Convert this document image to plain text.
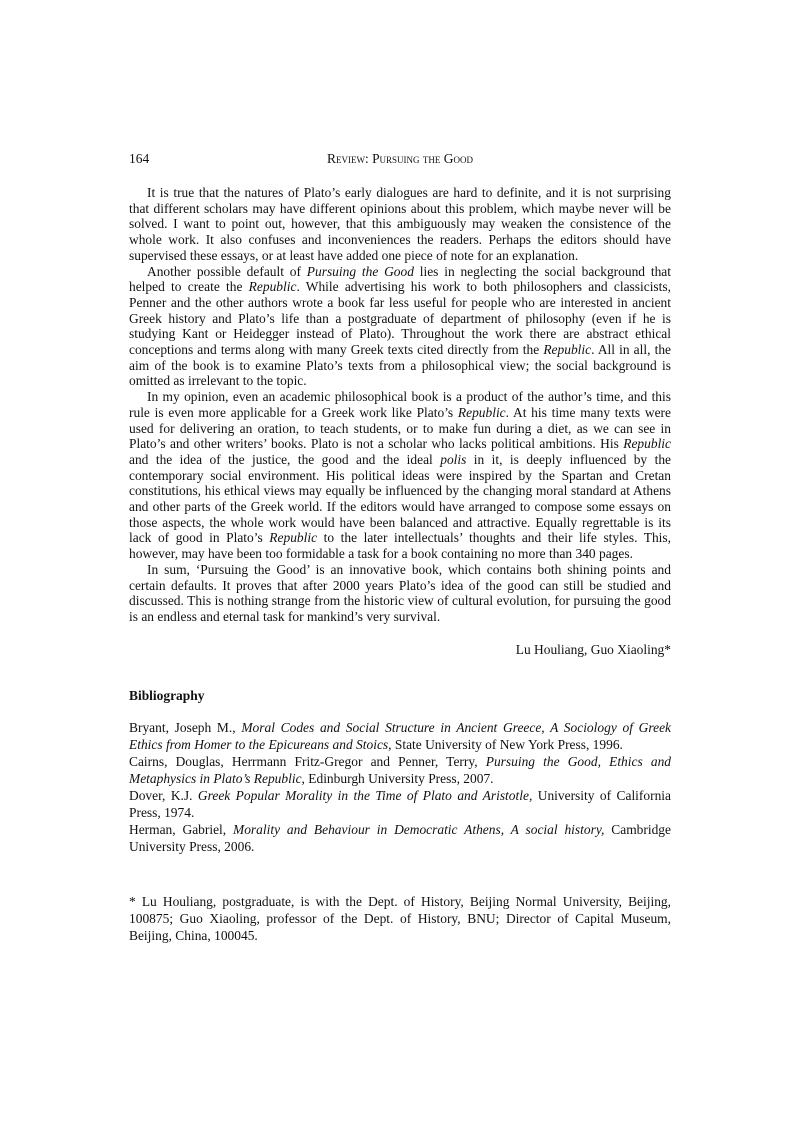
164	Review: Pursuing the Good

It is true that the natures of Plato’s early dialogues are hard to definite, and it is not surprising that different scholars may have different opinions about this problem, which maybe never will be solved. I want to point out, however, that this ambiguously may weaken the consistence of the whole work. It also confuses and inconveniences the readers. Perhaps the editors should have supervised these essays, or at least have added one piece of note for an explanation.

Another possible default of Pursuing the Good lies in neglecting the social background that helped to create the Republic. While advertising his work to both philosophers and classicists, Penner and the other authors wrote a book far less useful for people who are interested in ancient Greek history and Plato’s life than a postgraduate of department of philosophy (even if he is studying Kant or Heidegger instead of Plato). Throughout the work there are abstract ethical conceptions and terms along with many Greek texts cited directly from the Republic. All in all, the aim of the book is to examine Plato’s texts from a philosophical view; the social background is omitted as irrelevant to the topic.

In my opinion, even an academic philosophical book is a product of the author’s time, and this rule is even more applicable for a Greek work like Plato’s Republic. At his time many texts were used for delivering an oration, to teach students, or to make fun during a diet, as we can see in Plato’s and other writers’ books. Plato is not a scholar who lacks political ambitions. His Republic and the idea of the justice, the good and the ideal polis in it, is deeply influenced by the contemporary social environment. His political ideas were inspired by the Spartan and Cretan constitutions, his ethical views may equally be influenced by the changing moral standard at Athens and other parts of the Greek world. If the editors would have arranged to compose some essays on those aspects, the whole work would have been balanced and attractive. Equally regrettable is its lack of good in Plato’s Republic to the later intellectuals’ thoughts and their life styles. This, however, may have been too formidable a task for a book containing no more than 340 pages.

In sum, ‘Pursuing the Good’ is an innovative book, which contains both shining points and certain defaults. It proves that after 2000 years Plato’s idea of the good can still be studied and discussed. This is nothing strange from the historic view of cultural evolution, for pursuing the good is an endless and eternal task for mankind’s very survival.

Lu Houliang, Guo Xiaoling*
Bibliography

Bryant, Joseph M., Moral Codes and Social Structure in Ancient Greece, A Sociology of Greek Ethics from Homer to the Epicureans and Stoics, State University of New York Press, 1996.

Cairns, Douglas, Herrmann Fritz-Gregor and Penner, Terry, Pursuing the Good, Ethics and Metaphysics in Plato’s Republic, Edinburgh University Press, 2007.

Dover, K.J. Greek Popular Morality in the Time of Plato and Aristotle, University of California Press, 1974.

Herman, Gabriel, Morality and Behaviour in Democratic Athens, A social history, Cambridge University Press, 2006.

* Lu Houliang, postgraduate, is with the Dept. of History, Beijing Normal University, Beijing, 100875; Guo Xiaoling, professor of the Dept. of History, BNU; Director of Capital Museum, Beijing, China, 100045.
